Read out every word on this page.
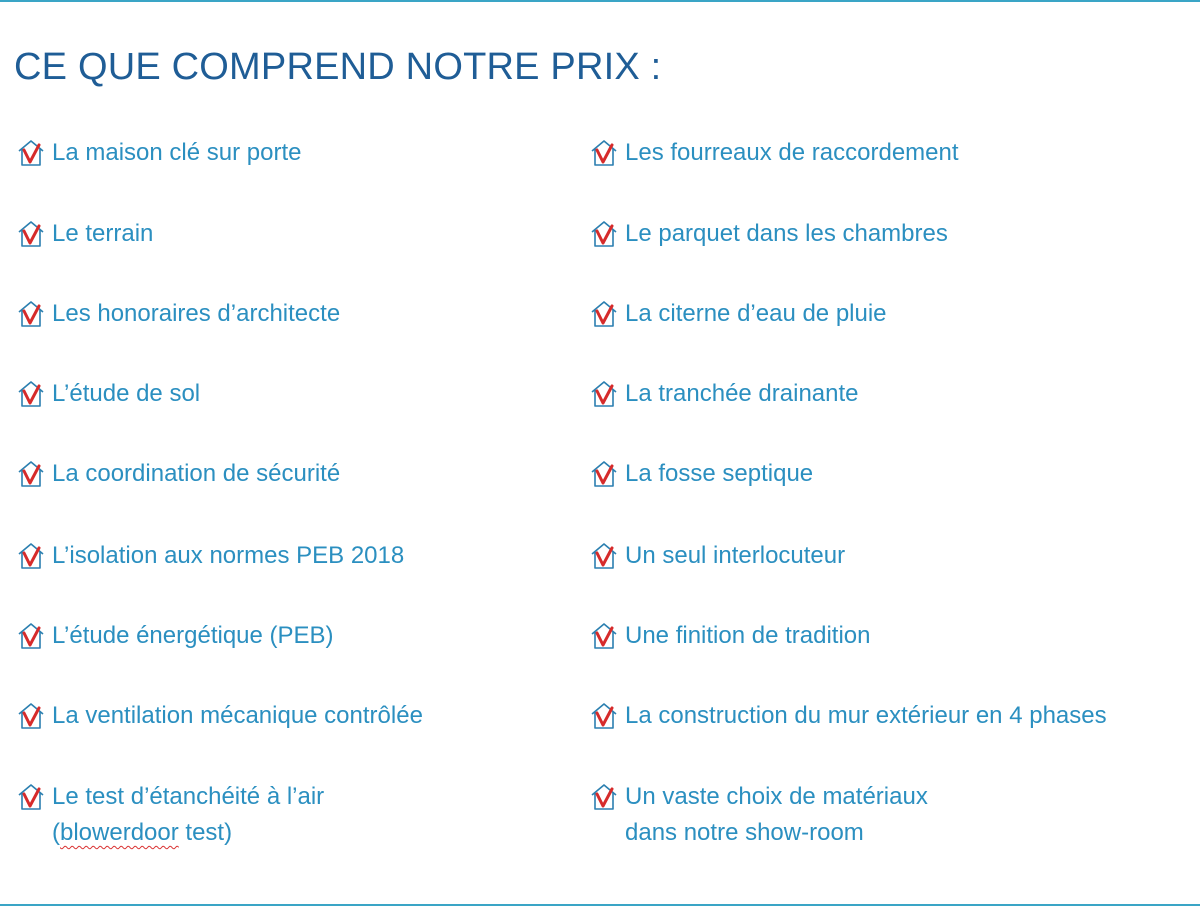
CE QUE COMPREND NOTRE PRIX :
La maison clé sur porte
Le terrain
Les honoraires d’architecte
L’étude de sol
La coordination de sécurité
L’isolation aux normes PEB 2018
L’étude énergétique (PEB)
La ventilation mécanique contrôlée
Le test d’étanchéité à l’air
(blowerdoor test)
Les fourreaux de raccordement
Le parquet dans les chambres
La citerne d’eau de pluie
La tranchée drainante
La fosse septique
Un seul interlocuteur
Une finition de tradition
La construction du mur extérieur en 4 phases
Un vaste choix de matériaux
dans notre show-room
